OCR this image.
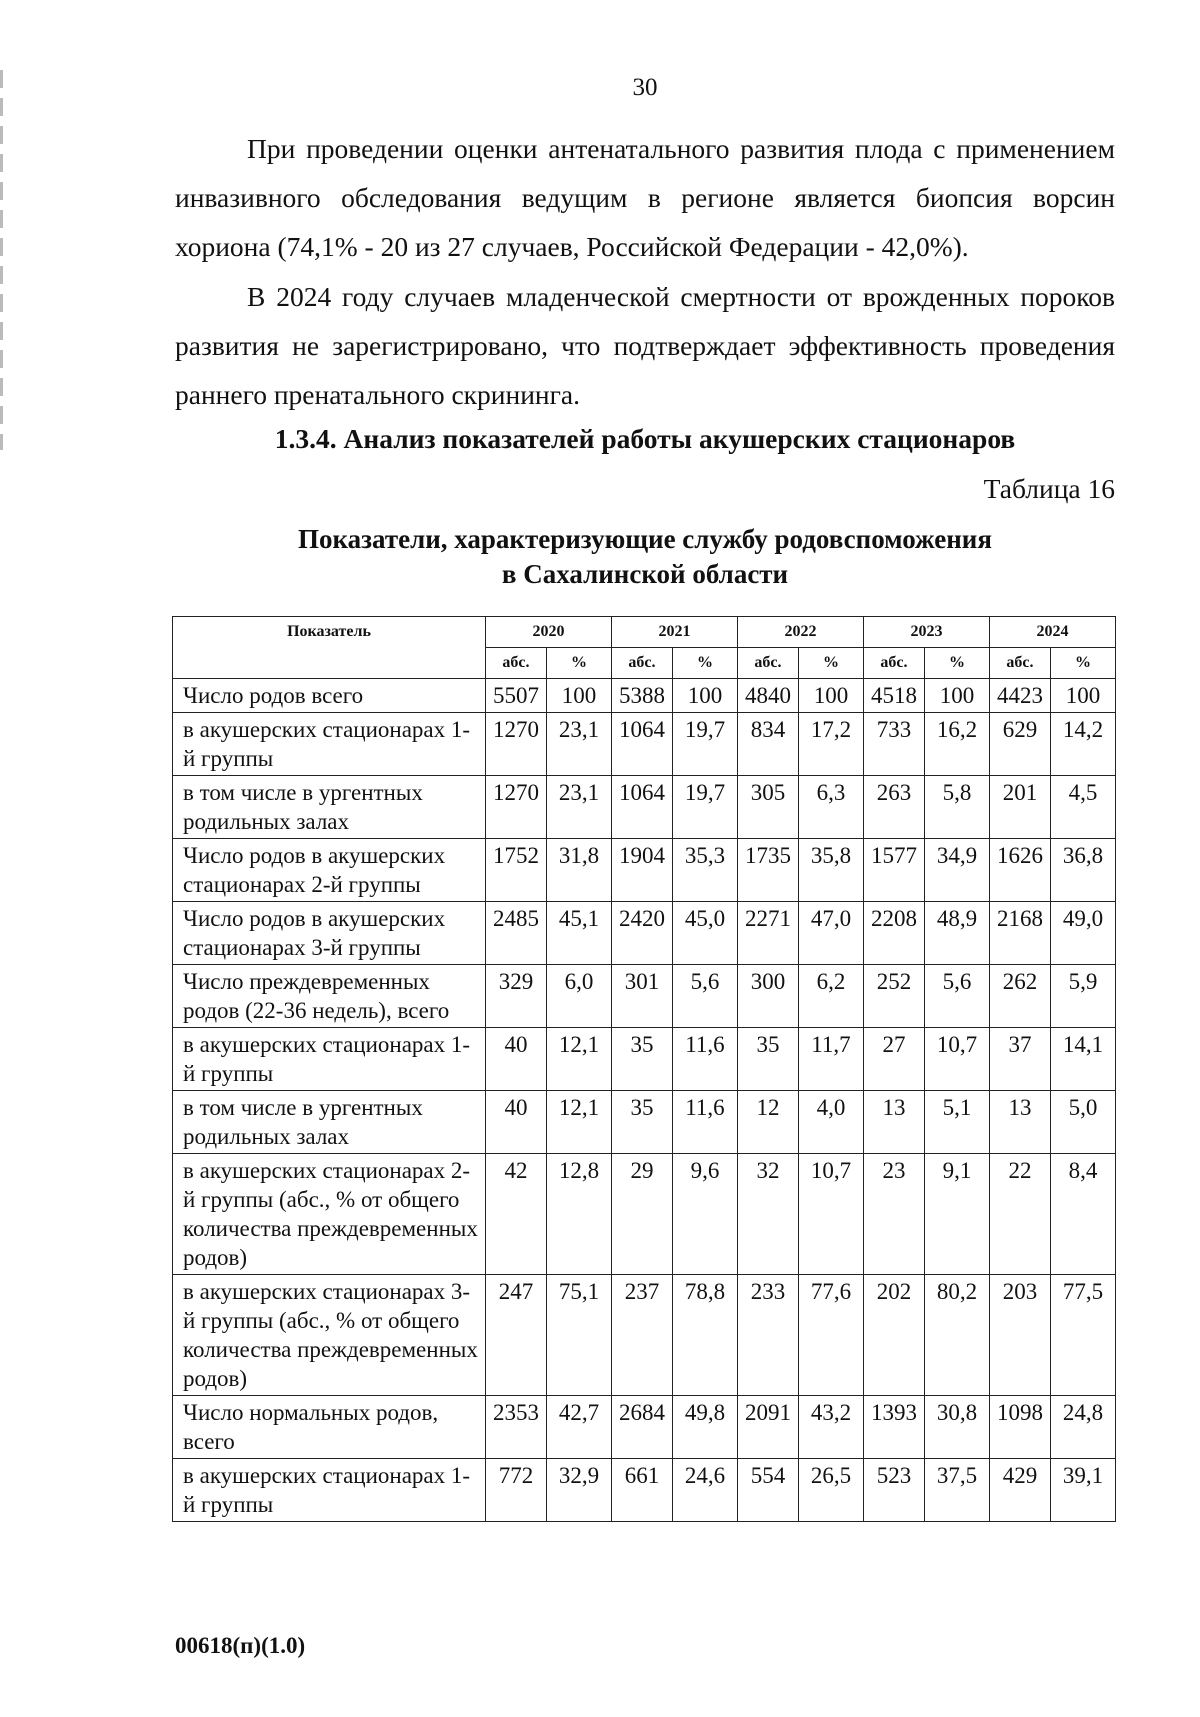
30

При проведении оценки антенатального развития плода с применением инвазивного обследования ведущим в регионе является биопсия ворсин хориона (74,1% - 20 из 27 случаев, Российской Федерации - 42,0%).

В 2024 году случаев младенческой смертности от врожденных пороков развития не зарегистрировано, что подтверждает эффективность проведения раннего пренатального скрининга.

1.3.4. Анализ показателей работы акушерских стационаров
Таблица 16
Показатели, характеризующие службу родовспоможения
в Сахалинской области
Показатель	2020		2021		2022		2023		2024	
	абс.	%	абс.	%	абс.	%	абс.	%	абс.	%
Число родов всего	5507	100	5388	100	4840	100	4518	100	4423	100
в акушерских стационарах 1-й группы	1270	23,1	1064	19,7	834	17,2	733	16,2	629	14,2
в том числе в ургентных родильных залах	1270	23,1	1064	19,7	305	6,3	263	5,8	201	4,5
Число родов в акушерских стационарах 2-й группы	1752	31,8	1904	35,3	1735	35,8	1577	34,9	1626	36,8
Число родов в акушерских стационарах 3-й группы	2485	45,1	2420	45,0	2271	47,0	2208	48,9	2168	49,0
Число преждевременных родов (22-36 недель), всего	329	6,0	301	5,6	300	6,2	252	5,6	262	5,9
в акушерских стационарах 1-й группы	40	12,1	35	11,6	35	11,7	27	10,7	37	14,1
в том числе в ургентных родильных залах	40	12,1	35	11,6	12	4,0	13	5,1	13	5,0
в акушерских стационарах 2-й группы (абс., % от общего количества преждевременных родов)	42	12,8	29	9,6	32	10,7	23	9,1	22	8,4
в акушерских стационарах 3-й группы (абс., % от общего количества преждевременных родов)	247	75,1	237	78,8	233	77,6	202	80,2	203	77,5
Число нормальных родов, всего	2353	42,7	2684	49,8	2091	43,2	1393	30,8	1098	24,8
в акушерских стационарах 1-й группы	772	32,9	661	24,6	554	26,5	523	37,5	429	39,1
00618(п)(1.0)
